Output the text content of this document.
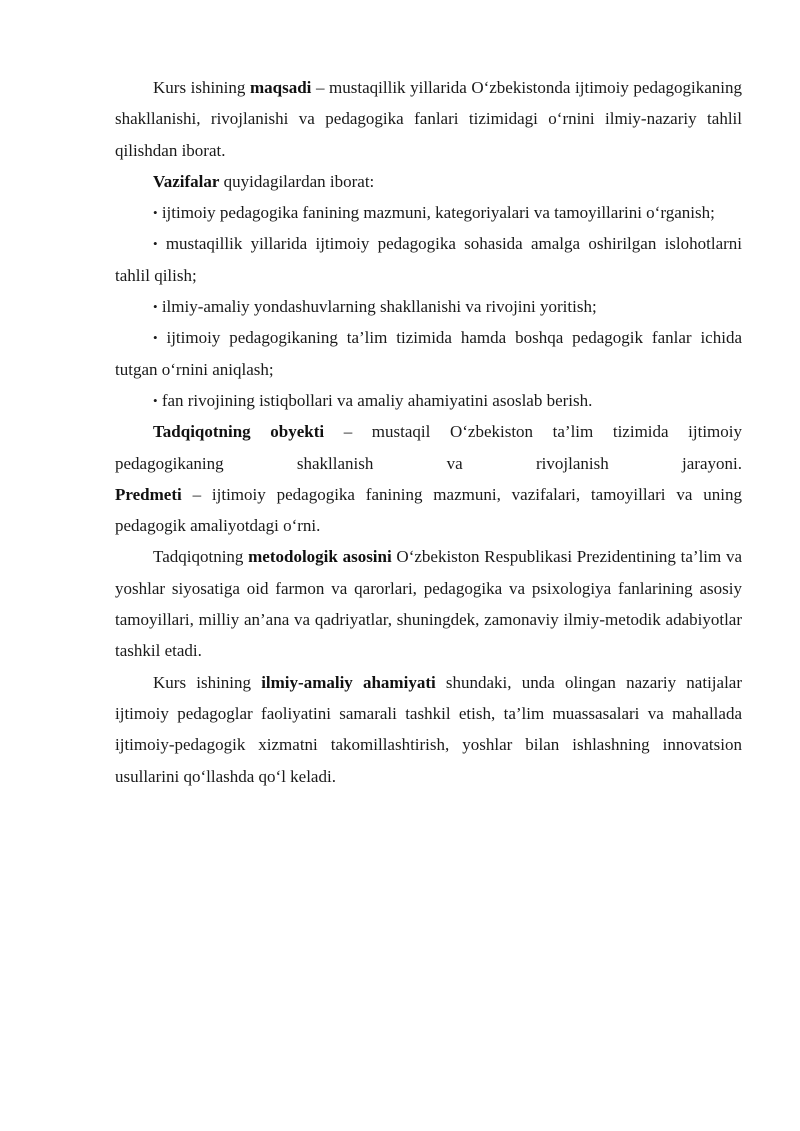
Kurs ishining maqsadi – mustaqillik yillarida O‘zbekistonda ijtimoiy pedagogikaning shakllanishi, rivojlanishi va pedagogika fanlari tizimidagi o‘rnini ilmiy-nazariy tahlil qilishdan iborat.

Vazifalar quyidagilardan iborat:

• ijtimoiy pedagogika fanining mazmuni, kategoriyalari va tamoyillarini o‘rganish;

• mustaqillik yillarida ijtimoiy pedagogika sohasida amalga oshirilgan islohotlarni tahlil qilish;

• ilmiy-amaliy yondashuvlarning shakllanishi va rivojini yoritish;

• ijtimoiy pedagogikaning ta’lim tizimida hamda boshqa pedagogik fanlar ichida tutgan o‘rnini aniqlash;

• fan rivojining istiqbollari va amaliy ahamiyatini asoslab berish.

Tadqiqotning obyekti – mustaqil O‘zbekiston ta’lim tizimida ijtimoiy pedagogikaning shakllanish va rivojlanish jarayoni.

Predmeti – ijtimoiy pedagogika fanining mazmuni, vazifalari, tamoyillari va uning pedagogik amaliyotdagi o‘rni.

Tadqiqotning metodologik asosini O‘zbekiston Respublikasi Prezidentining ta’lim va yoshlar siyosatiga oid farmon va qarorlari, pedagogika va psixologiya fanlarining asosiy tamoyillari, milliy an’ana va qadriyatlar, shuningdek, zamonaviy ilmiy-metodik adabiyotlar tashkil etadi.

Kurs ishining ilmiy-amaliy ahamiyati shundaki, unda olingan nazariy natijalar ijtimoiy pedagoglar faoliyatini samarali tashkil etish, ta’lim muassasalari va mahallada ijtimoiy-pedagogik xizmatni takomillashtirish, yoshlar bilan ishlashning innovatsion usullarini qo‘llashda qo‘l keladi.
